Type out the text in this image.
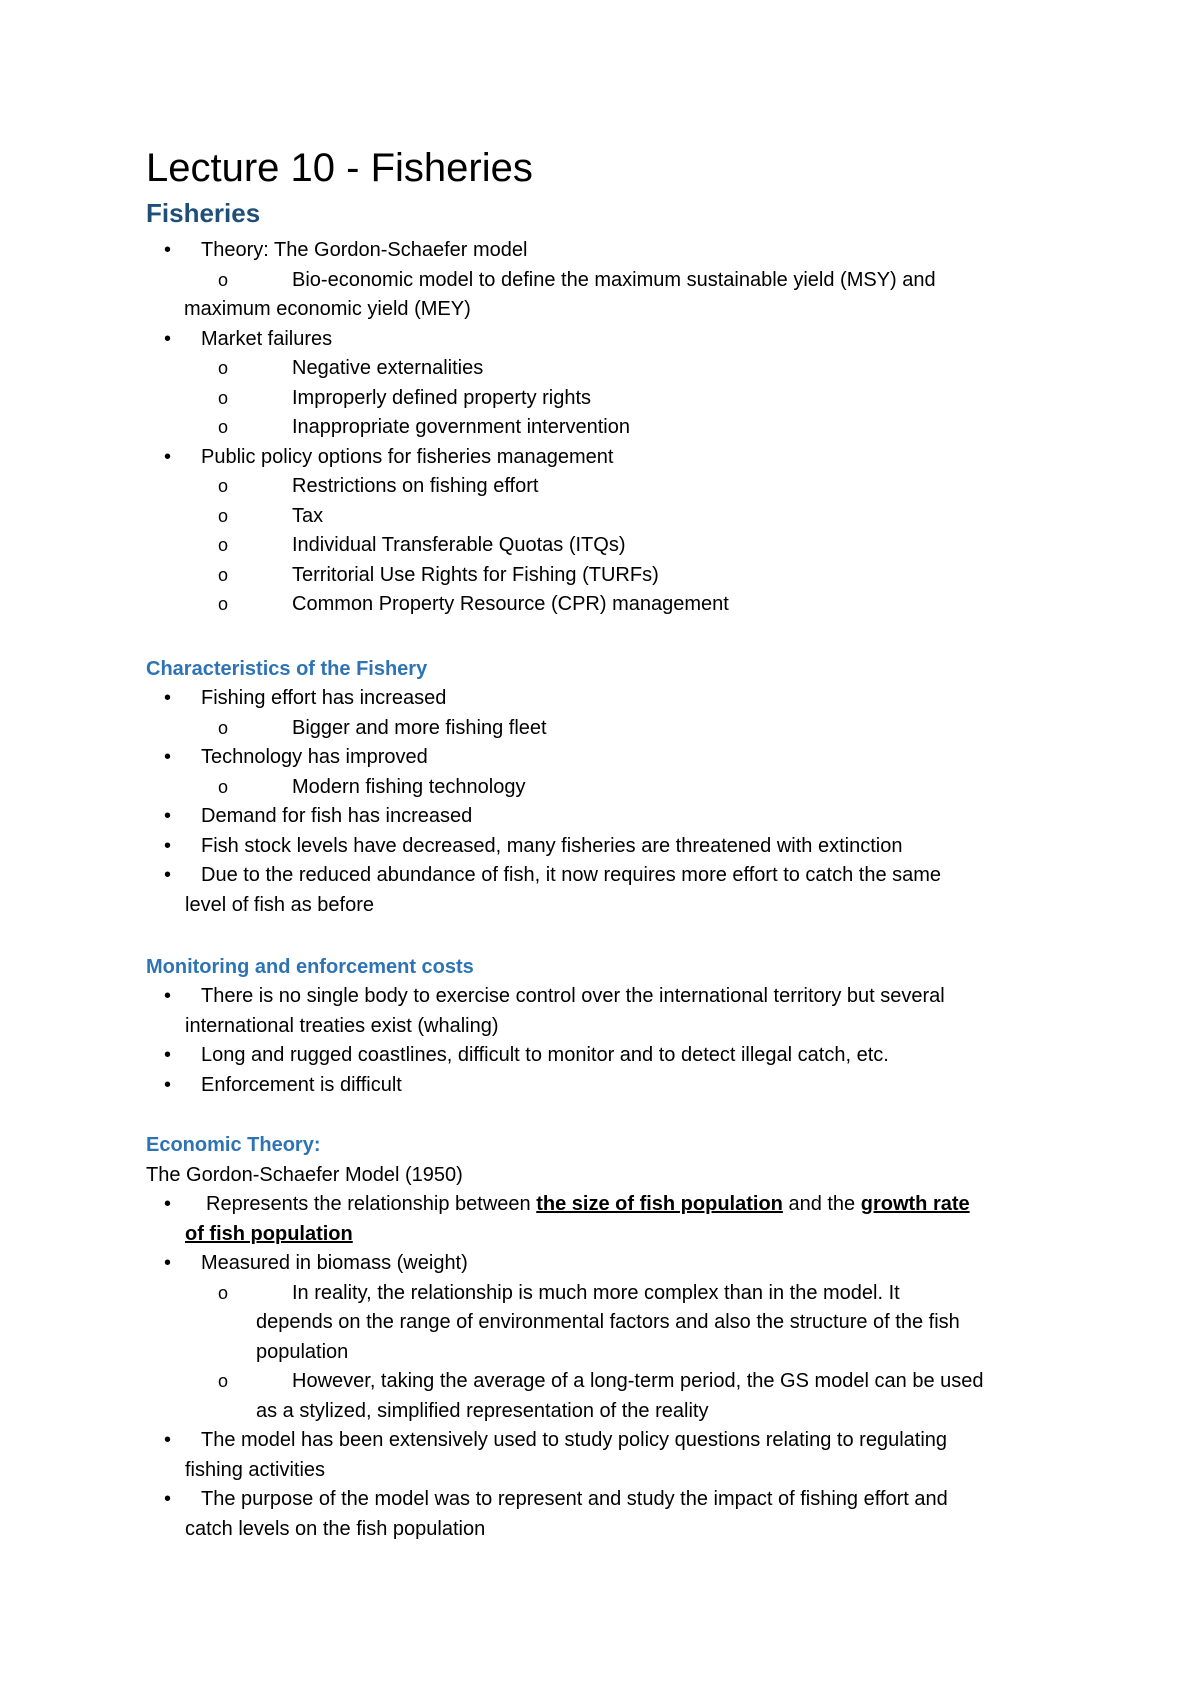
Lecture 10 - Fisheries
Fisheries
• Theory: The Gordon-Schaefer model
o	Bio-economic model to define the maximum sustainable yield (MSY) and
maximum economic yield (MEY)
• Market failures
o	Negative externalities
o	Improperly defined property rights
o	Inappropriate government intervention
• Public policy options for fisheries management
o	Restrictions on fishing effort
o	Tax
o	Individual Transferable Quotas (ITQs)
o	Territorial Use Rights for Fishing (TURFs)
o	Common Property Resource (CPR) management
Characteristics of the Fishery
• Fishing effort has increased
o	Bigger and more fishing fleet
• Technology has improved
o	Modern fishing technology
• Demand for fish has increased
• Fish stock levels have decreased, many fisheries are threatened with extinction
• Due to the reduced abundance of fish, it now requires more effort to catch the same
level of fish as before
Monitoring and enforcement costs
• There is no single body to exercise control over the international territory but several
international treaties exist (whaling)
• Long and rugged coastlines, difficult to monitor and to detect illegal catch, etc.
• Enforcement is difficult
Economic Theory:
The Gordon-Schaefer Model (1950)
• Represents the relationship between the size of fish population and the growth rate
of fish population
• Measured in biomass (weight)
o	In reality, the relationship is much more complex than in the model. It
depends on the range of environmental factors and also the structure of the fish
population
o	However, taking the average of a long-term period, the GS model can be used
as a stylized, simplified representation of the reality
• The model has been extensively used to study policy questions relating to regulating
fishing activities
• The purpose of the model was to represent and study the impact of fishing effort and
catch levels on the fish population
